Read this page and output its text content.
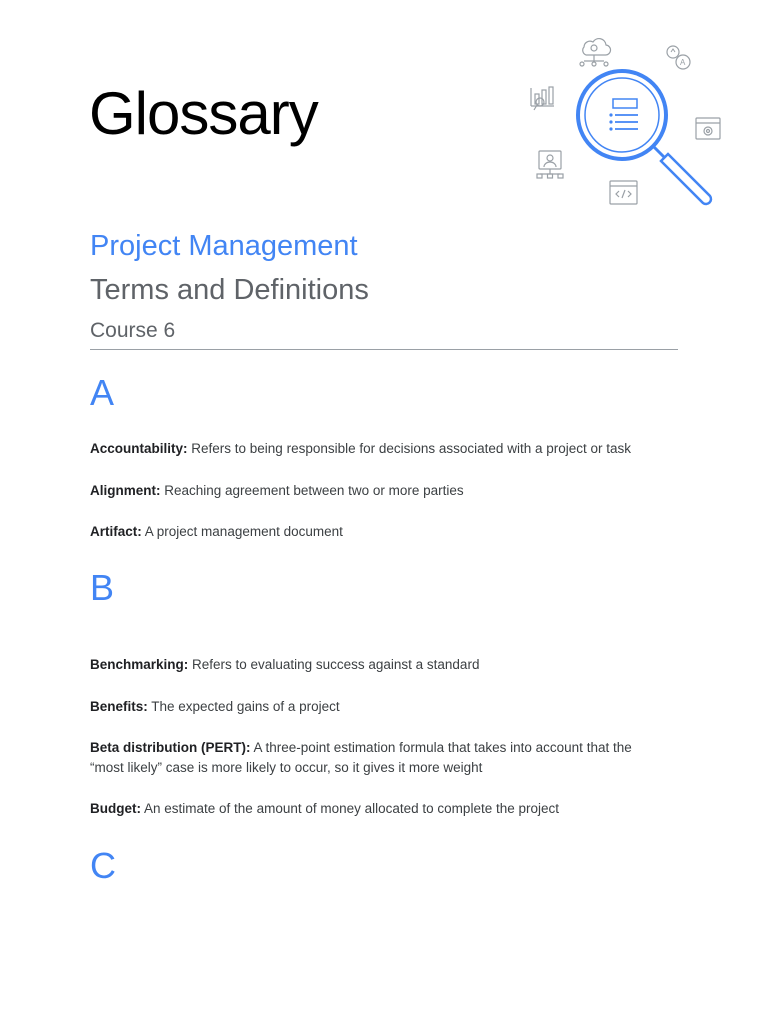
Glossary
A
Project Management
Terms and Definitions
Course 6
A

Accountability: Refers to being responsible for decisions associated with a project or task

Alignment: Reaching agreement between two or more parties

Artifact: A project management document

B

Benchmarking: Refers to evaluating success against a standard

Benefits: The expected gains of a project

Beta distribution (PERT): A three-point estimation formula that takes into account that the “most likely” case is more likely to occur, so it gives it more weight

Budget: An estimate of the amount of money allocated to complete the project

C
